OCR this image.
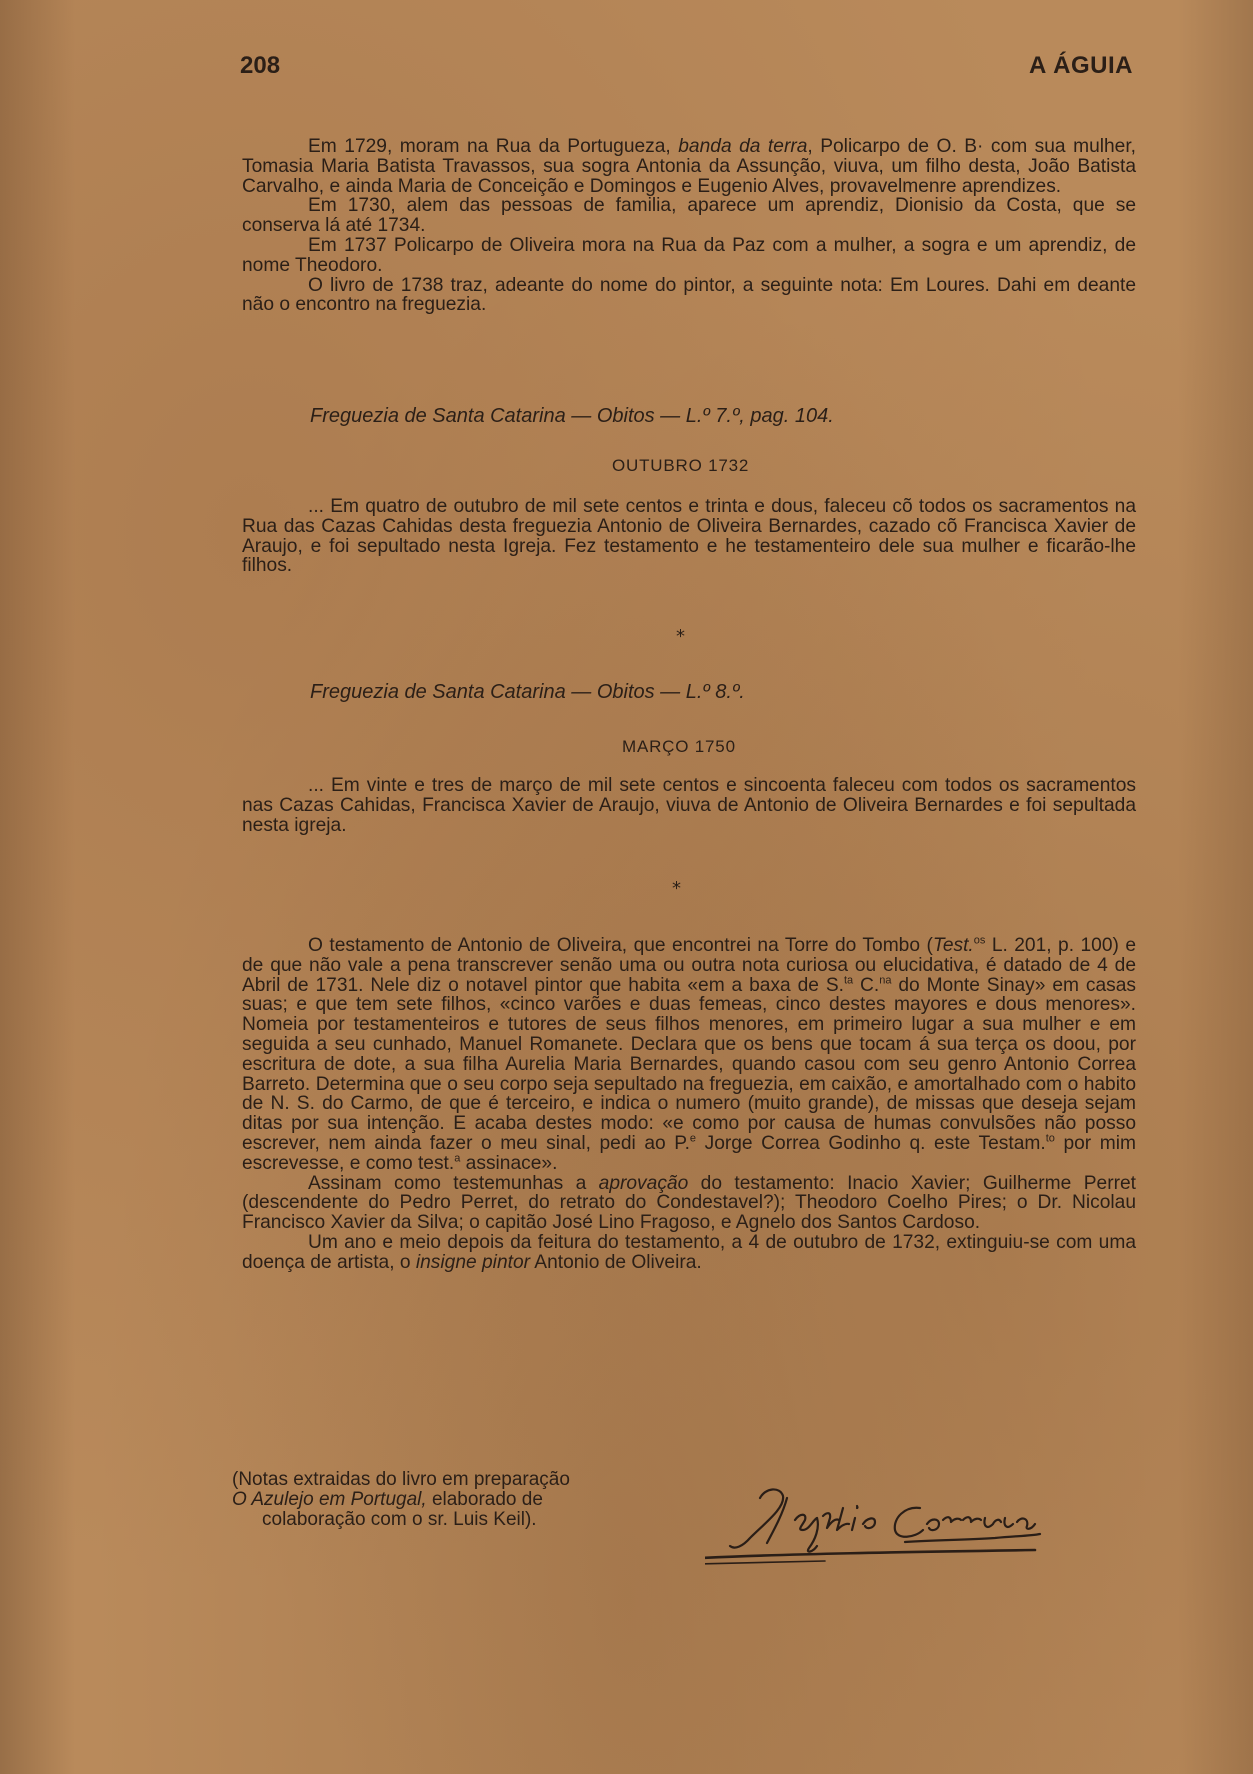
208	A ÁGUIA

Em 1729, moram na Rua da Portugueza, banda da terra, Policarpo de O. B· com sua mulher, Tomasia Maria Batista Travassos, sua sogra Antonia da Assunção, viuva, um filho desta, João Batista Carvalho, e ainda Maria de Conceição e Domingos e Eugenio Alves, provavelmenre aprendizes.

Em 1730, alem das pessoas de familia, aparece um aprendiz, Dionisio da Costa, que se conserva lá até 1734.

Em 1737 Policarpo de Oliveira mora na Rua da Paz com a mulher, a sogra e um aprendiz, de nome Theodoro.

O livro de 1738 traz, adeante do nome do pintor, a seguinte nota: Em Loures. Dahi em deante não o encontro na freguezia.

Freguezia de Santa Catarina — Obitos — L.º 7.º, pag. 104.
OUTUBRO 1732

... Em quatro de outubro de mil sete centos e trinta e dous, faleceu cõ todos os sacramentos na Rua das Cazas Cahidas desta freguezia Antonio de Oliveira Bernardes, cazado cõ Francisca Xavier de Araujo, e foi sepultado nesta Igreja. Fez testamento e he testamenteiro dele sua mulher e ficarão-lhe filhos.

*
Freguezia de Santa Catarina — Obitos — L.º 8.º.
MARÇO 1750

... Em vinte e tres de março de mil sete centos e sincoenta faleceu com todos os sacramentos nas Cazas Cahidas, Francisca Xavier de Araujo, viuva de Antonio de Oliveira Bernardes e foi sepultada nesta igreja.

*

O testamento de Antonio de Oliveira, que encontrei na Torre do Tombo (Test.$^{os}$ L. 201, p. 100) e de que não vale a pena transcrever senão uma ou outra nota curiosa ou elucidativa, é datado de 4 de Abril de 1731. Nele diz o notavel pintor que habita «em a baxa de S.$^{ta}$ C.$^{na}$ do Monte Sinay» em casas suas; e que tem sete filhos, «cinco varões e duas femeas, cinco destes mayores e dous menores». Nomeia por testamenteiros e tutores de seus filhos menores, em primeiro lugar a sua mulher e em seguida a seu cunhado, Manuel Romanete. Declara que os bens que tocam á sua terça os doou, por escritura de dote, a sua filha Aurelia Maria Bernardes, quando casou com seu genro Antonio Correa Barreto. Determina que o seu corpo seja sepultado na freguezia, em caixão, e amortalhado com o habito de N. S. do Carmo, de que é terceiro, e indica o numero (muito grande), de missas que deseja sejam ditas por sua intenção. E acaba destes modo: «e como por causa de humas convulsões não posso escrever, nem ainda fazer o meu sinal, pedi ao P.$^e$ Jorge Correa Godinho q. este Testam.$^{to}$ por mim escrevesse, e como test.$^a$ assinace».

Assinam como testemunhas a aprovação do testamento: Inacio Xavier; Guilherme Perret (descendente do Pedro Perret, do retrato do Condestavel?); Theodoro Coelho Pires; o Dr. Nicolau Francisco Xavier da Silva; o capitão José Lino Fragoso, e Agnelo dos Santos Cardoso.

Um ano e meio depois da feitura do testamento, a 4 de outubro de 1732, extinguiu-se com uma doença de artista, o insigne pintor Antonio de Oliveira.

(Notas extraidas do livro em preparação

O Azulejo em Portugal, elaborado de

colaboração com o sr. Luis Keil).
